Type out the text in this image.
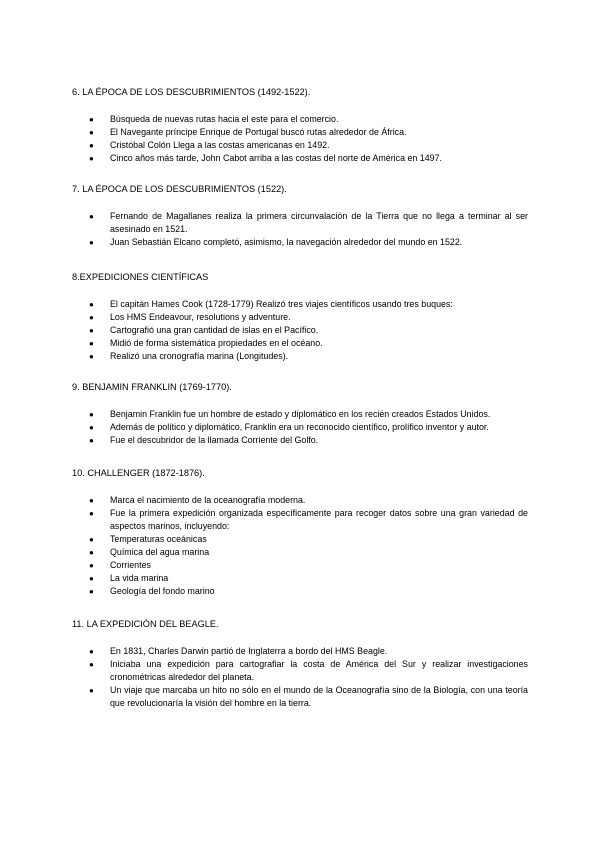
6. LA ÉPOCA DE LOS DESCUBRIMIENTOS (1492-1522).

● Búsqueda de nuevas rutas hacia el este para el comercio.
● El Navegante príncipe Enrique de Portugal buscó rutas alrededor de África.
● Cristóbal Colón Llega a las costas americanas en 1492.
● Cinco años más tarde, John Cabot arriba a las costas del norte de América en 1497.

7. LA ÉPOCA DE LOS DESCUBRIMIENTOS (1522).

● Fernando de Magallanes realiza la primera circunvalación de la Tierra que no llega a terminar al ser asesinado en 1521.
● Juan Sebastián Elcano completó, asimismo, la navegación alrededor del mundo en 1522.

8.EXPEDICIONES CIENTÍFICAS

● El capitán Hames Cook (1728-1779) Realizó tres viajes científicos usando tres buques:
● Los HMS Endeavour, resolutions y adventure.
● Cartografió una gran cantidad de islas en el Pacífico.
● Midió de forma sistemática propiedades en el océano.
● Realizó una cronografía marina (Longitudes).

9. BENJAMIN FRANKLIN (1769-1770).

● Benjamin Franklin fue un hombre de estado y diplomático en los recién creados Estados Unidos.
● Además de político y diplomático, Franklin era un reconocido científico, prolífico inventor y autor.
● Fue el descubridor de la llamada Corriente del Golfo.

10. CHALLENGER (1872-1876).

● Marca el nacimiento de la oceanografía moderna.
● Fue la primera expedición organizada específicamente para recoger datos sobre una gran variedad de aspectos marinos, incluyendo:
● Temperaturas oceánicas
● Química del agua marina
● Corrientes
● La vida marina
● Geología del fondo marino

11. LA EXPEDICIÓN DEL BEAGLE.

● En 1831, Charles Darwin partió de Inglaterra a bordo del HMS Beagle.
● Iniciaba una expedición para cartografiar la costa de América del Sur y realizar investigaciones cronométricas alrededor del planeta.
● Un viaje que marcaba un hito no sólo en el mundo de la Oceanografía sino de la Biología, con una teoría que revolucionaría la visión del hombre en la tierra.
